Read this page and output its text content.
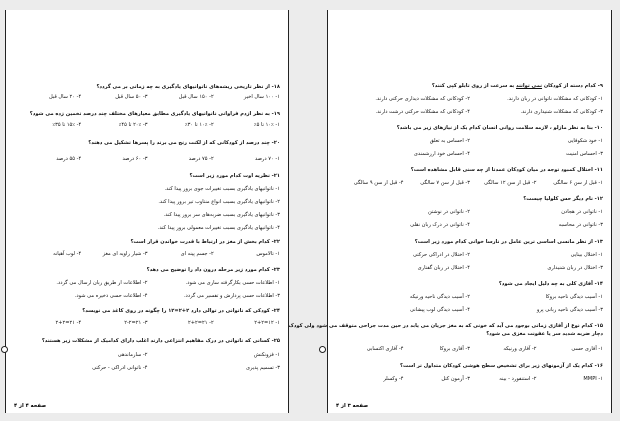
۱۸- از نظر تاریخی ریشه‌های ناتوانیهای یادگیری به چه زمانی بر می گردد؟
۱- ۱۰۰ سال اخیر
۲- ۱۵۰ سال قبل
۳- ۵۰ سال قبل
۴- ۲۰ سال قبل
۱۹- به نظر ازدم فراوانی ناتوانیهای یادگیری مطابق معیارهای مختلف چند درصد تخمین زده می شود؟
۱- ۱۰٪ تا ۵٪
۲- ۱۰٪ تا ۳۰٪
۳- ۲۰٪ تا ۴۵٪
۴- ۱۵٪ تا ۳۵٪
۲۰- چند درصد از کودکانی که از لکنت رنج می برند را پسرها تشکیل می دهند؟
۱- ۷۰ درصد
۲- ۷۵ درصد
۳- ۶۰ درصد
۴- ۵۵ درصد
۲۱- نظریه اوت کدام مورد زیر است؟
۱- ناتوانیهای یادگیری بسبب تغییرات جوی بروز پیدا کند.
۲- ناتوانیهای یادگیری بسبب انواع منتاوب تیر بروز پیدا کند.
۳- ناتوانیهای یادگیری بسبب ضربه‌های سر بروز پیدا کند.
۴- ناتوانیهای یادگیری بسبب تغییرات معمولی بروز پیدا کند.
۲۲- کدام بخش از مغز در ارتباط با قدرت خواندن قرار است؟
۱- تالاموس
۲- جسم پینه ای
۳- شیار زاویه ای مغز
۴- لوب آهیانه
۲۳- کدام مورد زیر مرحله درون داد را توضیح می دهد؟
۱- اطلاعات حسی بکارگرفته سازی می شود.
۲- اطلاعات از طریق زبان ارسال می گردد.
۳- اطلاعات حسی پردازش و تفسیر می گردد.
۴- اطلاعات حسی ذخیره می شود.
۲۴- کودکی که ناتوانی در توالی دارد ۲+۲=۱۲ را چگونه در روی کاغذ می نویسد؟
۱- ۱۲=۲+۲
۲- ۲۱=۲+۲
۳- ۲۱=۲-۲
۴- ۲۱=۲+۲
۲۵- کسانی که ناتوانی در درک مفاهیم انتزاعی دارند اغلب دارای کدامیک از مشکلات زیر هستند؟
۱- فزونکنش
۲- سازماندهی
۳- تسمیم پذیری
۴- ناتوانی ادراکی - حرکتی
صفحه ۴ از ۴
۹- کدام دسته از کودکان نمی توانند به سرعت از روی تابلو کپی کنند؟
۱- کودکانی که مشکلات ناتوانی در زبان دارند.
۲- کودکانی که مشکلات دیداری حرکتی دارند.
۳- کودکانی که مشکلات شنیداری دارند.
۴- کودکانی که مشکلات حرکتی درشت دارند.
۱۰- بنا به نظر مازلو ، لازمه سلامت روانی انسان کدام یک از نیازهای زیر می باشد؟
۱- خود شکوفایی
۲- احساس به تعلق
۳- احساس امنیت
۴- احساس خود ارزشمندی
۱۱- اختلال کمبود توجه در میان کودکان عمدتا از چه سنی قابل مشاهده است؟
۱- قبل از سن ۶ سالگی
۲- قبل از سن ۱۲ سالگی
۳- قبل از سن ۷ سالگی
۴- قبل از سن ۹ سالگی
۱۲- نام دیگر حس کلولیا چیست؟
۱- ناتوانی در هجادن
۲- ناتوانی در نوشتن
۳- ناتوانی در محاسبه
۴- ناتوانی در درک زبان نقلی
۱۳- از نظر مانسی اساسی ترین عامل در نارسا خوانی کدام مورد زیر است؟
۱- اختلال بینایی
۲- اختلال در ادراکی حرکتی
۳- اختلال در زبان شنیداری
۴- اختلال در زبان گفتاری
۱۴- آفازی کلی به چه دلیل ایجاد می شود؟
۱- آسیب دیدگی ناحیه بروکا
۲- آسیب دیدگی ناحیه ورنیکه
۳- آسیب دیدگی ناحیه زبانی پرو
۴- آسیب دیدگی لوب پیشانی
۱۵- کدام نوع از آفازی زمانی بوجود می آید که خونی که به مغز جریان می یابد در حین مدت جراحی متوقف می شود ولی کودک
دچار ضربه شدید سر یا عفونت مغزی می شود؟
۱- آفازی حسی
۲- آفازی ورنیکه
۳- آفازی بروکا
۴- آفازی اکتسابی
۱۶- کدام یک از آزمونهای زیر برای تشخیص سطح هوشی کودکان متداول تر است؟
۱- MMPI
۲- استنفورد - بینه
۳- آزمون کتل
۴- وکسلر
صفحه ۳ از ۴
